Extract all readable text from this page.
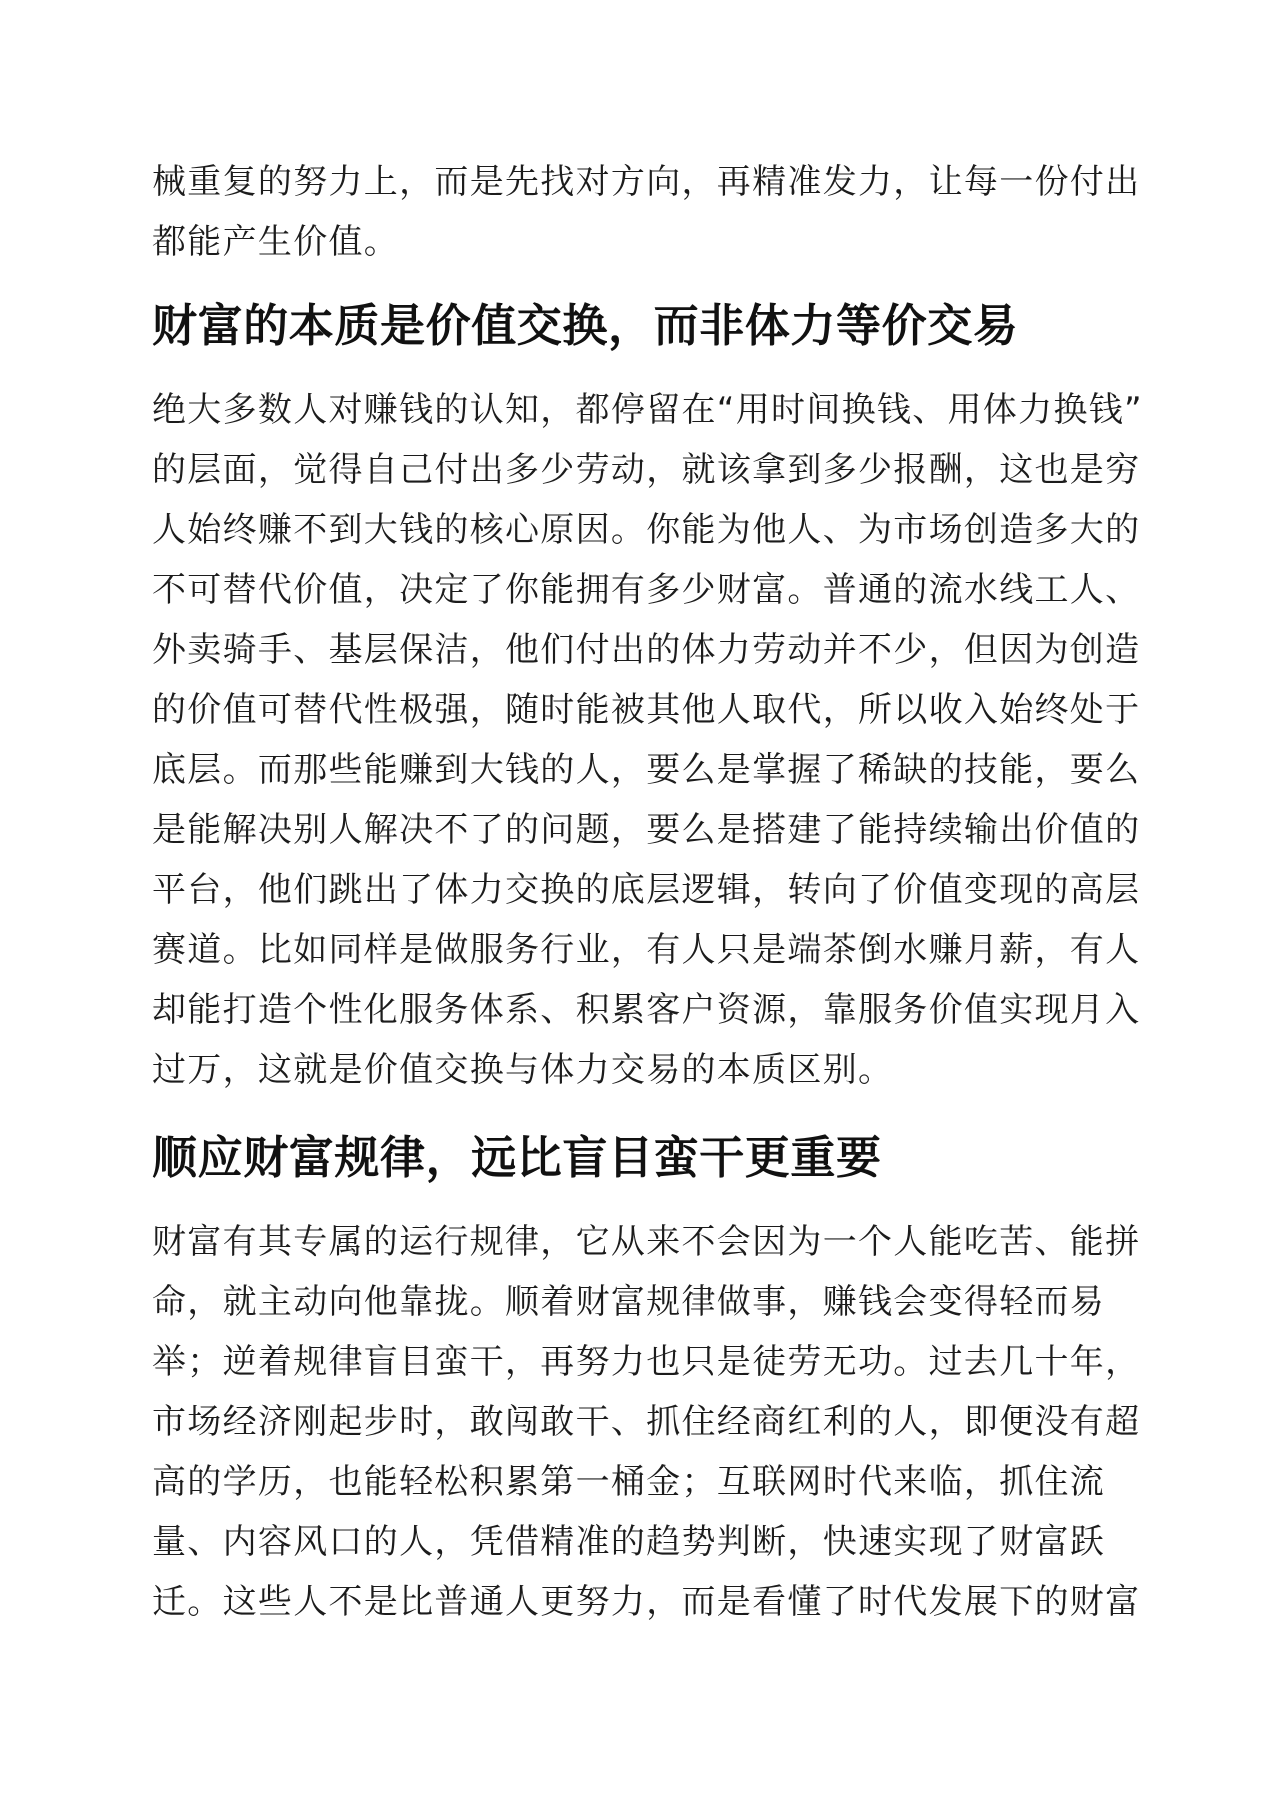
械重复的努力上，而是先找对方向，再精准发力，让每一份付出
都能产生价值。
财富的本质是价值交换，而非体力等价交易
绝大多数人对赚钱的认知，都停留在“用时间换钱、用体力换钱”
的层面，觉得自己付出多少劳动，就该拿到多少报酬，这也是穷
人始终赚不到大钱的核心原因。你能为他人、为市场创造多大的
不可替代价值，决定了你能拥有多少财富。普通的流水线工人、
外卖骑手、基层保洁，他们付出的体力劳动并不少，但因为创造
的价值可替代性极强，随时能被其他人取代，所以收入始终处于
底层。而那些能赚到大钱的人，要么是掌握了稀缺的技能，要么
是能解决别人解决不了的问题，要么是搭建了能持续输出价值的
平台，他们跳出了体力交换的底层逻辑，转向了价值变现的高层
赛道。比如同样是做服务行业，有人只是端茶倒水赚月薪，有人
却能打造个性化服务体系、积累客户资源，靠服务价值实现月入
过万，这就是价值交换与体力交易的本质区别。
顺应财富规律，远比盲目蛮干更重要
财富有其专属的运行规律，它从来不会因为一个人能吃苦、能拼
命，就主动向他靠拢。顺着财富规律做事，赚钱会变得轻而易
举；逆着规律盲目蛮干，再努力也只是徒劳无功。过去几十年，
市场经济刚起步时，敢闯敢干、抓住经商红利的人，即便没有超
高的学历，也能轻松积累第一桶金；互联网时代来临，抓住流
量、内容风口的人，凭借精准的趋势判断，快速实现了财富跃
迁。这些人不是比普通人更努力，而是看懂了时代发展下的财富
